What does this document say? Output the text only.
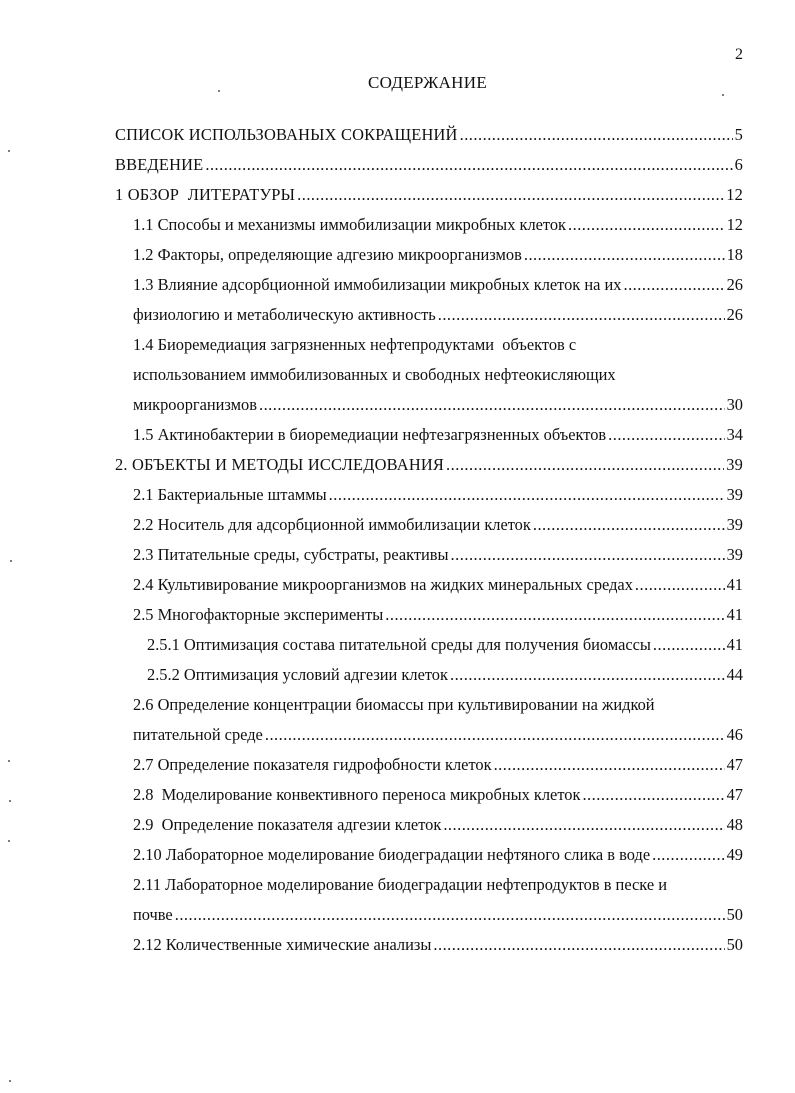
2
СОДЕРЖАНИЕ
СПИСОК ИСПОЛЬЗОВАНЫХ СОКРАЩЕНИЙ .....	5
ВВЕДЕНИЕ .....	6
1 ОБЗОР  ЛИТЕРАТУРЫ .....	12
1.1 Способы и механизмы иммобилизации микробных клеток .....	12
1.2 Факторы, определяющие адгезию микроорганизмов .....	18
1.3 Влияние адсорбционной иммобилизации микробных клеток на их .....	26
физиологию и метаболическую активность .....	26
1.4 Биоремедиация загрязненных нефтепродуктами  объектов с
использованием иммобилизованных и свободных нефтеокисляющих
микроорганизмов .....	30
1.5 Актинобактерии в биоремедиации нефтезагрязненных объектов .....	34
2. ОБЪЕКТЫ И МЕТОДЫ ИССЛЕДОВАНИЯ .....	39
2.1 Бактериальные штаммы .....	39
2.2 Носитель для адсорбционной иммобилизации клеток .....	39
2.3 Питательные среды, субстраты, реактивы .....	39
2.4 Культивирование микроорганизмов на жидких минеральных средах .....	41
2.5 Многофакторные эксперименты .....	41
2.5.1 Оптимизация состава питательной среды для получения биомассы .....	41
2.5.2 Оптимизация условий адгезии клеток .....	44
2.6 Определение концентрации биомассы при культивировании на жидкой
питательной среде .....	46
2.7 Определение показателя гидрофобности клеток .....	47
2.8  Моделирование конвективного переноса микробных клеток .....	47
2.9  Определение показателя адгезии клеток .....	48
2.10 Лабораторное моделирование биодеградации нефтяного слика в воде .....	49
2.11 Лабораторное моделирование биодеградации нефтепродуктов в песке и
почве .....	50
2.12 Количественные химические анализы .....	50
